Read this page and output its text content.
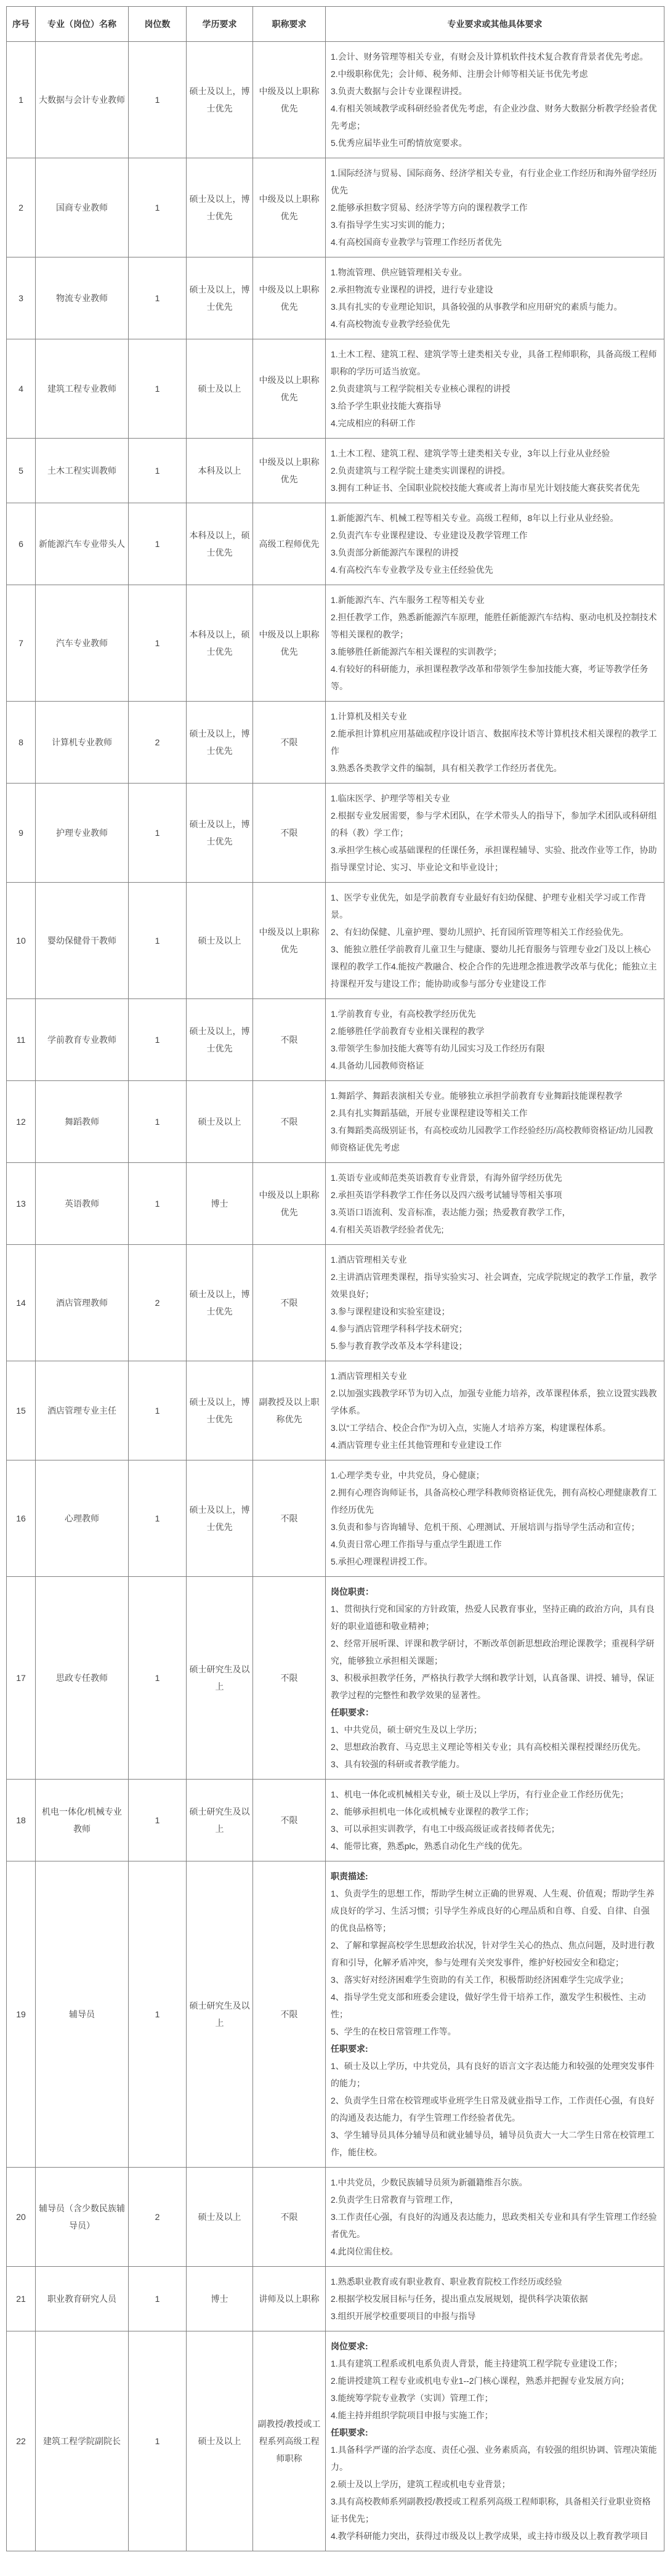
序号	专业（岗位）名称	岗位数	学历要求	职称要求	专业要求或其他具体要求
1	大数据与会计专业教师	1	硕士及以上，博士优先	中级及以上职称优先	1.会计、财务管理等相关专业，有财会及计算机软件技术复合教育背景者优先考虑。
2.中级职称优先；会计师、税务师、注册会计师等相关证书优先考虑
3.负责大数据与会计专业课程讲授。
4.有相关领域教学或科研经验者优先考虑，有企业沙盘、财务大数据分析教学经验者优先考虑；
5.优秀应届毕业生可酌情放宽要求。

2	国商专业教师	1	硕士及以上，博士优先	中级及以上职称优先	1.国际经济与贸易、国际商务、经济学相关专业，有行业企业工作经历和海外留学经历优先
2.能够承担数字贸易、经济学等方向的课程教学工作
3.有指导学生实习实训的能力；
4.有高校国商专业教学与管理工作经历者优先

3	物流专业教师	1	硕士及以上，博士优先	中级及以上职称优先	1.物流管理、供应链管理相关专业。
2.承担物流专业课程的讲授，进行专业建设
3.具有扎实的专业理论知识，具备较强的从事教学和应用研究的素质与能力。
4.有高校物流专业教学经验优先

4	建筑工程专业教师	1	硕士及以上	中级及以上职称优先	1.土木工程、建筑工程、建筑学等土建类相关专业，具备工程师职称，具备高级工程师职称的学历可适当放宽。
2.负责建筑与工程学院相关专业核心课程的讲授
3.给予学生职业技能大赛指导
4.完成相应的科研工作

5	土木工程实训教师	1	本科及以上	中级及以上职称优先	1.土木工程、建筑工程、建筑学等土建类相关专业，3年以上行业从业经验
2.负责建筑与工程学院土建类实训课程的讲授。
3.拥有工种证书、全国职业院校技能大赛或者上海市星光计划技能大赛获奖者优先

6	新能源汽车专业带头人	1	本科及以上，硕士优先	高级工程师优先	1.新能源汽车、机械工程等相关专业。高级工程师，8年以上行业从业经验。
2.负责汽车专业课程建设、专业建设及教学管理工作
3.负责部分新能源汽车课程的讲授
4.有高校汽车专业教学及专业主任经验优先

7	汽车专业教师	1	本科及以上，硕士优先	中级及以上职称优先	1.新能源汽车、汽车服务工程等相关专业
2.担任教学工作，熟悉新能源汽车原理，能胜任新能源汽车结构、驱动电机及控制技术等相关课程的教学；
3.能够胜任新能源汽车相关课程的实训教学；
4.有较好的科研能力，承担课程教学改革和带领学生参加技能大赛，考证等教学任务等。

8	计算机专业教师	2	硕士及以上，博士优先	不限	1.计算机及相关专业
2.能承担计算机应用基础或程序设计语言、数据库技术等计算机技术相关课程的教学工作
3.熟悉各类教学文件的编制，具有相关教学工作经历者优先。

9	护理专业教师	1	硕士及以上，博士优先	不限	1.临床医学、护理学等相关专业
2.根据专业发展需要，参与学术团队，在学术带头人的指导下，参加学术团队或科研组的科（教）学工作；
3.承担学生核心或基础课程的任课任务，承担课程辅导、实验、批改作业等工作，协助指导课堂讨论、实习、毕业论文和毕业设计；

10	婴幼保健骨干教师	1	硕士及以上	中级及以上职称优先	1、医学专业优先，如是学前教育专业最好有妇幼保健、护理专业相关学习或工作背景。
2、有妇幼保健、儿童护理、婴幼儿照护、托育园所管理等相关工作经验优先。
3、能独立胜任学前教育儿童卫生与健康、婴幼儿托育服务与管理专业2门及以上核心课程的教学工作4.能按产教融合、校企合作的先进理念推进教学改革与优化；能独立主持课程开发与建设工作；能协助或参与部分专业建设工作

11	学前教育专业教师	1	硕士及以上，博士优先	不限	1.学前教育专业，有高校教学经历优先
2.能够胜任学前教育专业相关课程的教学
3.带领学生参加技能大赛等有幼儿园实习及工作经历有限
4.具备幼儿园教师资格证

12	舞蹈教师	1	硕士及以上	不限	1.舞蹈学、舞蹈表演相关专业。能够独立承担学前教育专业舞蹈技能课程教学
2.具有扎实舞蹈基础，开展专业课程建设等相关工作
3.有舞蹈类高级别证书，有高校或幼儿园教学工作经验经历/高校教师资格证/幼儿园教师资格证优先考虑

13	英语教师	1	博士	中级及以上职称优先	1.英语专业或师范类英语教育专业背景，有海外留学经历优先
2.承担英语学科教学工作任务以及四六级考试辅导等相关事项
3.英语口语流利、发音标准，表达能力强；热爱教育教学工作，
4.有相关英语教学经验者优先;

14	酒店管理教师	2	硕士及以上，博士优先	不限	1.酒店管理相关专业
2.主讲酒店管理类课程，指导实验实习、社会调查，完成学院规定的教学工作量，教学效果良好；
3.参与课程建设和实验室建设；
4.参与酒店管理学科科学技术研究；
5.参与教育教学改革及本学科建设；

15	酒店管理专业主任	1	硕士及以上，博士优先	副教授及以上职称优先	1.酒店管理相关专业
2.以加强实践教学环节为切入点，加强专业能力培养，改革课程体系，独立设置实践教学体系。
3.以“工学结合、校企合作”为切入点，实施人才培养方案，构建课程体系。
4.酒店管理专业主任其他管理和专业建设工作

16	心理教师	1	硕士及以上，博士优先	不限	1.心理学类专业，中共党员，身心健康；
2.拥有心理咨询师证书，具备高校心理学科教师资格证优先，拥有高校心理健康教育工作经历优先
3.负责和参与咨询辅导、危机干预、心理测试、开展培训与指导学生活动和宣传；
4.负责日常心理工作指导与重点学生跟进工作
5.承担心理课程讲授工作。

17	思政专任教师	1	硕士研究生及以上	不限	
岗位职责：
1、贯彻执行党和国家的方针政策，热爱人民教育事业，坚持正确的政治方向，具有良好的职业道德和敬业精神；
2、经常开展听课、评课和教学研讨，不断改革创新思想政治理论课教学；重视科学研究，能够独立承担相关课题；
3、积极承担教学任务，严格执行教学大纲和教学计划，认真备课、讲授、辅导，保证教学过程的完整性和教学效果的显著性。
任职要求：
1、中共党员，硕士研究生及以上学历；
2、思想政治教育、马克思主义理论等相关专业；具有高校相关课程授课经历优先。
3、具有较强的科研或者教学能力。

18	机电一体化/机械专业教师	1	硕士研究生及以上	不限	1、机电一体化或机械相关专业，硕士及以上学历，有行业企业工作经历优先；
2、能够承担机电一体化或机械专业课程的教学工作；
3、可以承担实训教学，有电工中级高级证或者技师者优先；
4、能带比赛，熟悉plc，熟悉自动化生产线的优先。

19	辅导员	1	硕士研究生及以上	不限	
职责描述:
1、负责学生的思想工作，帮助学生树立正确的世界观、人生观、价值观；帮助学生养成良好的学习、生活习惯；引导学生养成良好的心理品质和自尊、自爱、自律、自强的优良品格等；
2、了解和掌握高校学生思想政治状况，针对学生关心的热点、焦点问题，及时进行教育和引导，化解矛盾冲突，参与处理有关突发事件，维护好校园安全和稳定；
3、落实好对经济困难学生资助的有关工作，积极帮助经济困难学生完成学业；
4、指导学生党支部和班委会建设，做好学生骨干培养工作，激发学生积极性、主动性；
5、学生的在校日常管理工作等。
任职要求:
1、硕士及以上学历，中共党员，具有良好的语言文字表达能力和较强的处理突发事件的能力；
2、负责学生日常在校管理或毕业班学生日常及就业指导工作，工作责任心强，有良好的沟通及表达能力，有学生管理工作经验者优先。
3、学生辅导员具体分辅导员和就业辅导员，辅导员负责大一大二学生日常在校管理工作，能住校。

20	辅导员（含少数民族辅导员）	2	硕士及以上	不限	1.中共党员，少数民族辅导员须为新疆籍维吾尔族。
2.负责学生日常教育与管理工作，
3.工作责任心强，有良好的沟通及表达能力，思政类相关专业和具有学生管理工作经验者优先。
4.此岗位需住校。

21	职业教育研究人员	1	博士	讲师及以上职称	1.熟悉职业教育或有职业教育、职业教育院校工作经历或经验
2.根据学校发展目标与任务，提出重点发展规划，提供科学决策依据
3.组织开展学校重要项目的申报与指导

22	建筑工程学院副院长	1	硕士及以上	副教授/教授或工程系列高级工程师职称	
岗位要求:
1.具有建筑工程系或机电系负责人背景，能主持建筑工程学院专业建设工作；
2.能讲授建筑工程专业或机电专业1--2门核心课程，熟悉并把握专业发展方向；
3.能统筹学院专业教学（实训）管理工作；
4.能主持并组织学院项目申报与实施工作；
任职要求:
1.具备科学严谨的治学态度、责任心强、业务素质高，有较强的组织协调、管理决策能力。
2.硕士及以上学历，建筑工程或机电专业背景；
3.具有高校教师系列副教授/教授或工程系列高级工程师职称，具备相关行业职业资格证书优先；
4.教学科研能力突出，获得过市级及以上教学成果，或主持市级及以上教育教学项目
